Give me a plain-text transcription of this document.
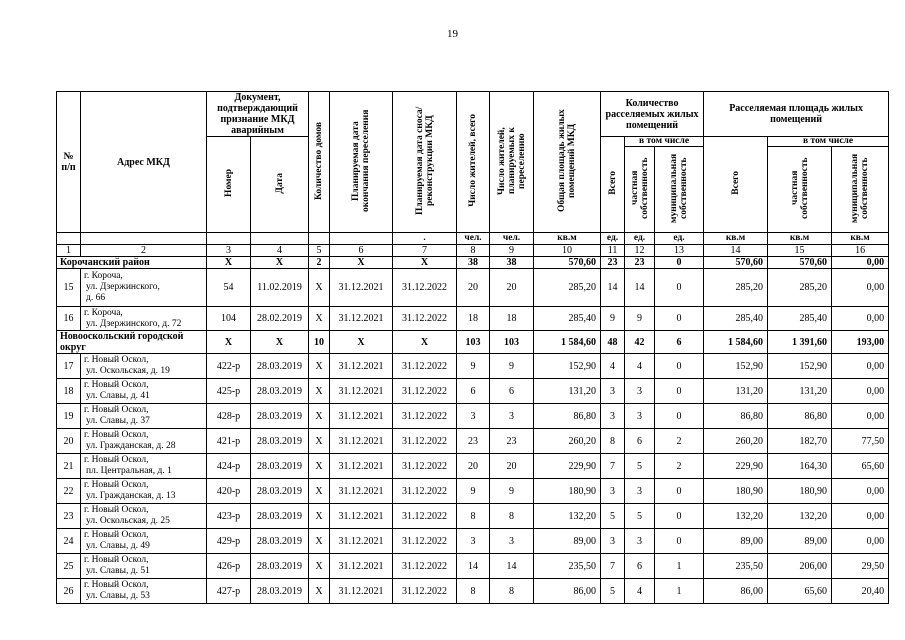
19
№
п/п	Адрес МКД	Документ, подтверждающий признание МКД аварийным		Количество домов	Планируемая дата окончания переселения	Планируемая дата сноса/ реконструкции МКД	Число жителей, всего	Число жителей, планируемых к переселению	Общая площадь жилых помещений МКД	Количество расселяемых жилых помещений			Расселяемая площадь жилых помещений		
		Номер	Дата							Всего	в том числе		Всего	в том числе	
											частная собственность	муниципальная собственность		частная собственность	муниципальная собственность
						.	чел.	чел.	кв.м	ед.	ед.	ед.	кв.м	кв.м	кв.м
1	2	3	4	5	6	7	8	9	10	11	12	13	14	15	16
Корочанский район		X	X	2	X	X	38	38	570,60	23	23	0	570,60	570,60	0,00
15	г. Короча,
ул. Дзержинского,
д. 66	54	11.02.2019	X	31.12.2021	31.12.2022	20	20	285,20	14	14	0	285,20	285,20	0,00
16	г. Короча,
ул. Дзержинского, д. 72	104	28.02.2019	X	31.12.2021	31.12.2022	18	18	285,40	9	9	0	285,40	285,40	0,00
Новооскольский городской округ		X	X	10	X	X	103	103	1 584,60	48	42	6	1 584,60	1 391,60	193,00
17	г. Новый Оскол,
ул. Оскольская, д. 19	422-р	28.03.2019	X	31.12.2021	31.12.2022	9	9	152,90	4	4	0	152,90	152,90	0,00
18	г. Новый Оскол,
ул. Славы, д. 41	425-р	28.03.2019	X	31.12.2021	31.12.2022	6	6	131,20	3	3	0	131,20	131,20	0,00
19	г. Новый Оскол,
ул. Славы, д. 37	428-р	28.03.2019	X	31.12.2021	31.12.2022	3	3	86,80	3	3	0	86,80	86,80	0,00
20	г. Новый Оскол,
ул. Гражданская, д. 28	421-р	28.03.2019	X	31.12.2021	31.12.2022	23	23	260,20	8	6	2	260,20	182,70	77,50
21	г. Новый Оскол,
пл. Центральная, д. 1	424-р	28.03.2019	X	31.12.2021	31.12.2022	20	20	229,90	7	5	2	229,90	164,30	65,60
22	г. Новый Оскол,
ул. Гражданская, д. 13	420-р	28.03.2019	X	31.12.2021	31.12.2022	9	9	180,90	3	3	0	180,90	180,90	0,00
23	г. Новый Оскол,
ул. Оскольская, д. 25	423-р	28.03.2019	X	31.12.2021	31.12.2022	8	8	132,20	5	5	0	132,20	132,20	0,00
24	г. Новый Оскол,
ул. Славы, д. 49	429-р	28.03.2019	X	31.12.2021	31.12.2022	3	3	89,00	3	3	0	89,00	89,00	0,00
25	г. Новый Оскол,
ул. Славы, д. 51	426-р	28.03.2019	X	31.12.2021	31.12.2022	14	14	235,50	7	6	1	235,50	206,00	29,50
26	г. Новый Оскол,
ул. Славы, д. 53	427-р	28.03.2019	X	31.12.2021	31.12.2022	8	8	86,00	5	4	1	86,00	65,60	20,40
